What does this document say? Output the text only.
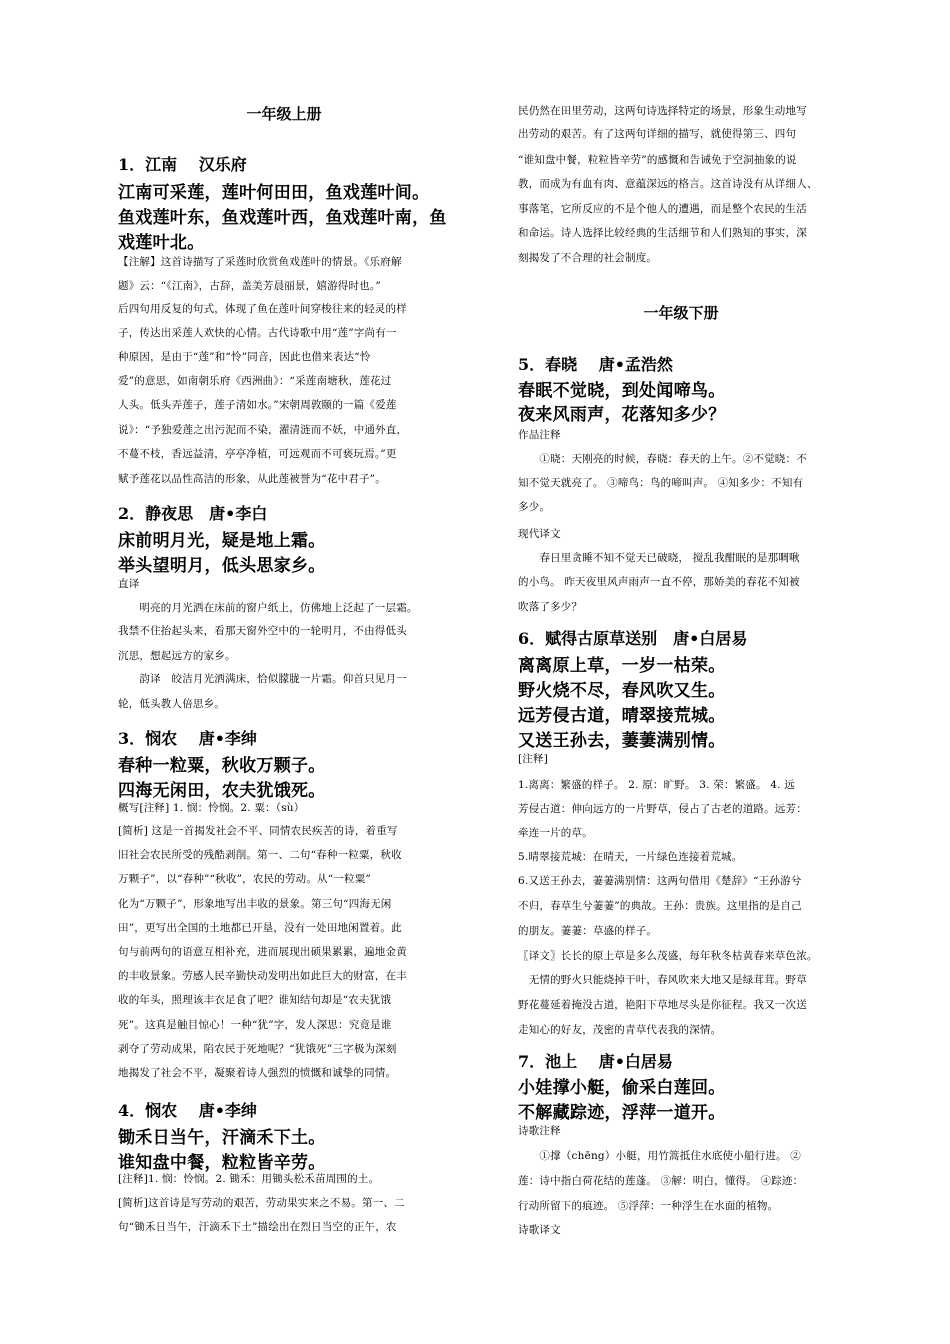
一年级上册
1．江南　 汉乐府
江南可采莲，莲叶何田田，鱼戏莲叶间。
鱼戏莲叶东，鱼戏莲叶西，鱼戏莲叶南，鱼
戏莲叶北。
【注解】这首诗描写了采莲时欣赏鱼戏莲叶的情景。《乐府解
题》云：“《江南》，古辞，盖美芳晨丽景，嬉游得时也。”
后四句用反复的句式，体现了鱼在莲叶间穿梭往来的轻灵的样
子，传达出采莲人欢快的心情。古代诗歌中用“莲”字尚有一
种原因，是由于“莲”和“怜”同音，因此也借来表达“怜
爱”的意思，如南朝乐府《西洲曲》：“采莲南塘秋，莲花过
人头。低头弄莲子，莲子清如水。”宋朝周敦颐的一篇《爱莲
说》：“予独爱莲之出污泥而不染，濯清涟而不妖，中通外直，
不蔓不枝，香远益清，亭亭净植，可远观而不可亵玩焉。”更
赋予莲花以品性高洁的形象，从此莲被誉为“花中君子”。
2．静夜思　唐•李白
床前明月光，疑是地上霜。
举头望明月，低头思家乡。
直译
　　明亮的月光洒在床前的窗户纸上，仿佛地上泛起了一层霜。
我禁不住抬起头来，看那天窗外空中的一轮明月，不由得低头
沉思，想起远方的家乡。
　　韵译　皎洁月光洒满床，恰似朦胧一片霜。仰首只见月一
轮，低头教人倍思乡。
3．悯农　 唐•李绅
春种一粒粟，秋收万颗子。
四海无闲田，农夫犹饿死。
概写[注释] 1. 悯：怜悯。2. 粟：（sù）
[简析] 这是一首揭发社会不平、同情农民疾苦的诗，着重写
旧社会农民所受的残酷剥削。第一、二句“春种一粒粟，秋收
万颗子”，以“春种”“秋收”，农民的劳动。从“一粒粟”
化为“万颗子”，形象地写出丰收的景象。第三句“四海无闲
田”，更写出全国的土地都已开垦，没有一处田地闲置着。此
句与前两句的语意互相补充，进而展现出硕果累累，遍地金黄
的丰收景象。劳感人民辛勤快动发明出如此巨大的财富，在丰
收的年头，照理该丰衣足食了吧？谁知结句却是“农夫犹饿
死”。这真是触目惊心！一种“犹”字，发人深思：究竟是谁
剥夺了劳动成果，陷农民于死地呢？“犹饿死”三字极为深刻
地揭发了社会不平，凝聚着诗人强烈的愤慨和诚挚的同情。
4．悯农　 唐•李绅
锄禾日当午，汗滴禾下土。
谁知盘中餐，粒粒皆辛劳。
[注释]1. 悯：怜悯。2. 锄禾：用锄头松禾苗周围的土。
[简析]这首诗是写劳动的艰苦，劳动果实来之不易。第一、二
句“锄禾日当午，汗滴禾下土”描绘出在烈日当空的正午，农
民仍然在田里劳动，这两句诗选择特定的场景，形象生动地写
出劳动的艰苦。有了这两句详细的描写，就使得第三、四句
“谁知盘中餐，粒粒皆辛劳”的感慨和告诫免于空洞抽象的说
教，而成为有血有肉、意蕴深远的格言。这首诗没有从详细人、
事落笔，它所反应的不是个他人的遭遇，而是整个农民的生活
和命运。诗人选择比较经典的生活细节和人们熟知的事实，深
刻揭发了不合理的社会制度。
一年级下册
5．春晓　 唐•孟浩然
春眠不觉晓，到处闻啼鸟。
夜来风雨声，花落知多少？
作品注释
　　①晓：天刚亮的时候，春晓：春天的上午。②不觉晓：不
知不觉天就亮了。 ③啼鸟：鸟的啼叫声。 ④知多少：不知有
多少。
现代译文
　　春日里贪睡不知不觉天已破晓， 搅乱我酣眠的是那啁啾
的小鸟。 昨天夜里风声雨声一直不停，那娇美的春花不知被
吹落了多少？
6．赋得古原草送别　唐•白居易
离离原上草，一岁一枯荣。
野火烧不尽，春风吹又生。
远芳侵古道，晴翠接荒城。
又送王孙去，萋萋满别情。
[注释]
1.离离：繁盛的样子。 2. 原：旷野。 3. 荣：繁盛。 4. 远
芳侵古道：伸向远方的一片野草，侵占了古老的道路。远芳：
牵连一片的草。
5.晴翠接荒城：在晴天，一片绿色连接着荒城。
6.又送王孙去，萋萋满别情：这两句借用《楚辞》“王孙游兮
不归，春草生兮萋萋”的典故。王孙：贵族。这里指的是自己
的朋友。萋萋：草盛的样子。
〖译文〗长长的原上草是多么茂盛，每年秋冬枯黄春来草色浓。
　无情的野火只能烧掉干叶，春风吹来大地又是绿茸茸。野草
野花蔓延着掩没古道，艳阳下草地尽头是你征程。我又一次送
走知心的好友，茂密的青草代表我的深情。
7．池上　 唐•白居易
小娃撑小艇，偷采白莲回。
不解藏踪迹，浮萍一道开。
诗歌注释
　　①撑（chēng）小艇，用竹篙抵住水底使小船行进。 ②
莲：诗中指白荷花结的莲蓬。 ③解：明白，懂得。 ④踪迹：
行动所留下的痕迹。 ⑤浮萍：一种浮生在水面的植物。
诗歌译文
